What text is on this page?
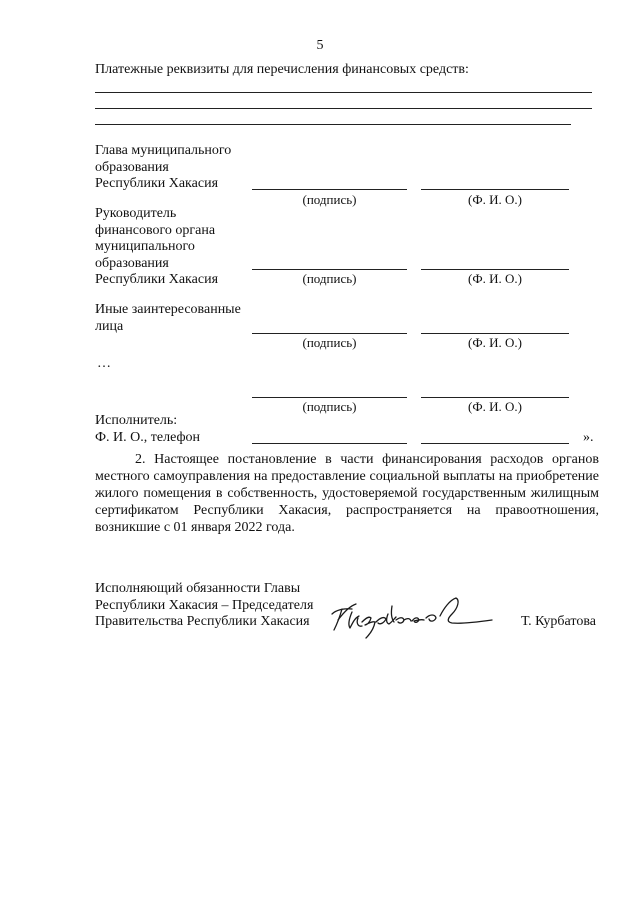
5
Платежные реквизиты для перечисления финансовых средств:
Глава муниципального
образования
Республики Хакасия
(подпись)	(Ф. И. О.)
Руководитель
финансового органа
муниципального
образования
Республики Хакасия	(подпись)	(Ф. И. О.)
Иные заинтересованные
лица
(подпись)	(Ф. И. О.)
…
(подпись)	(Ф. И. О.)
Исполнитель:
Ф. И. О., телефон	».
2. Настоящее постановление в части финансирования расходов органов местного самоуправления на предоставление социальной выплаты на приобретение жилого помещения в собственность, удостоверяемой государственным жилищным сертификатом Республики Хакасия, распространяется на правоотношения, возникшие с 01 января 2022 года.
Исполняющий обязанности Главы
Республики Хакасия – Председателя
Правительства Республики Хакасия	Т. Курбатова
